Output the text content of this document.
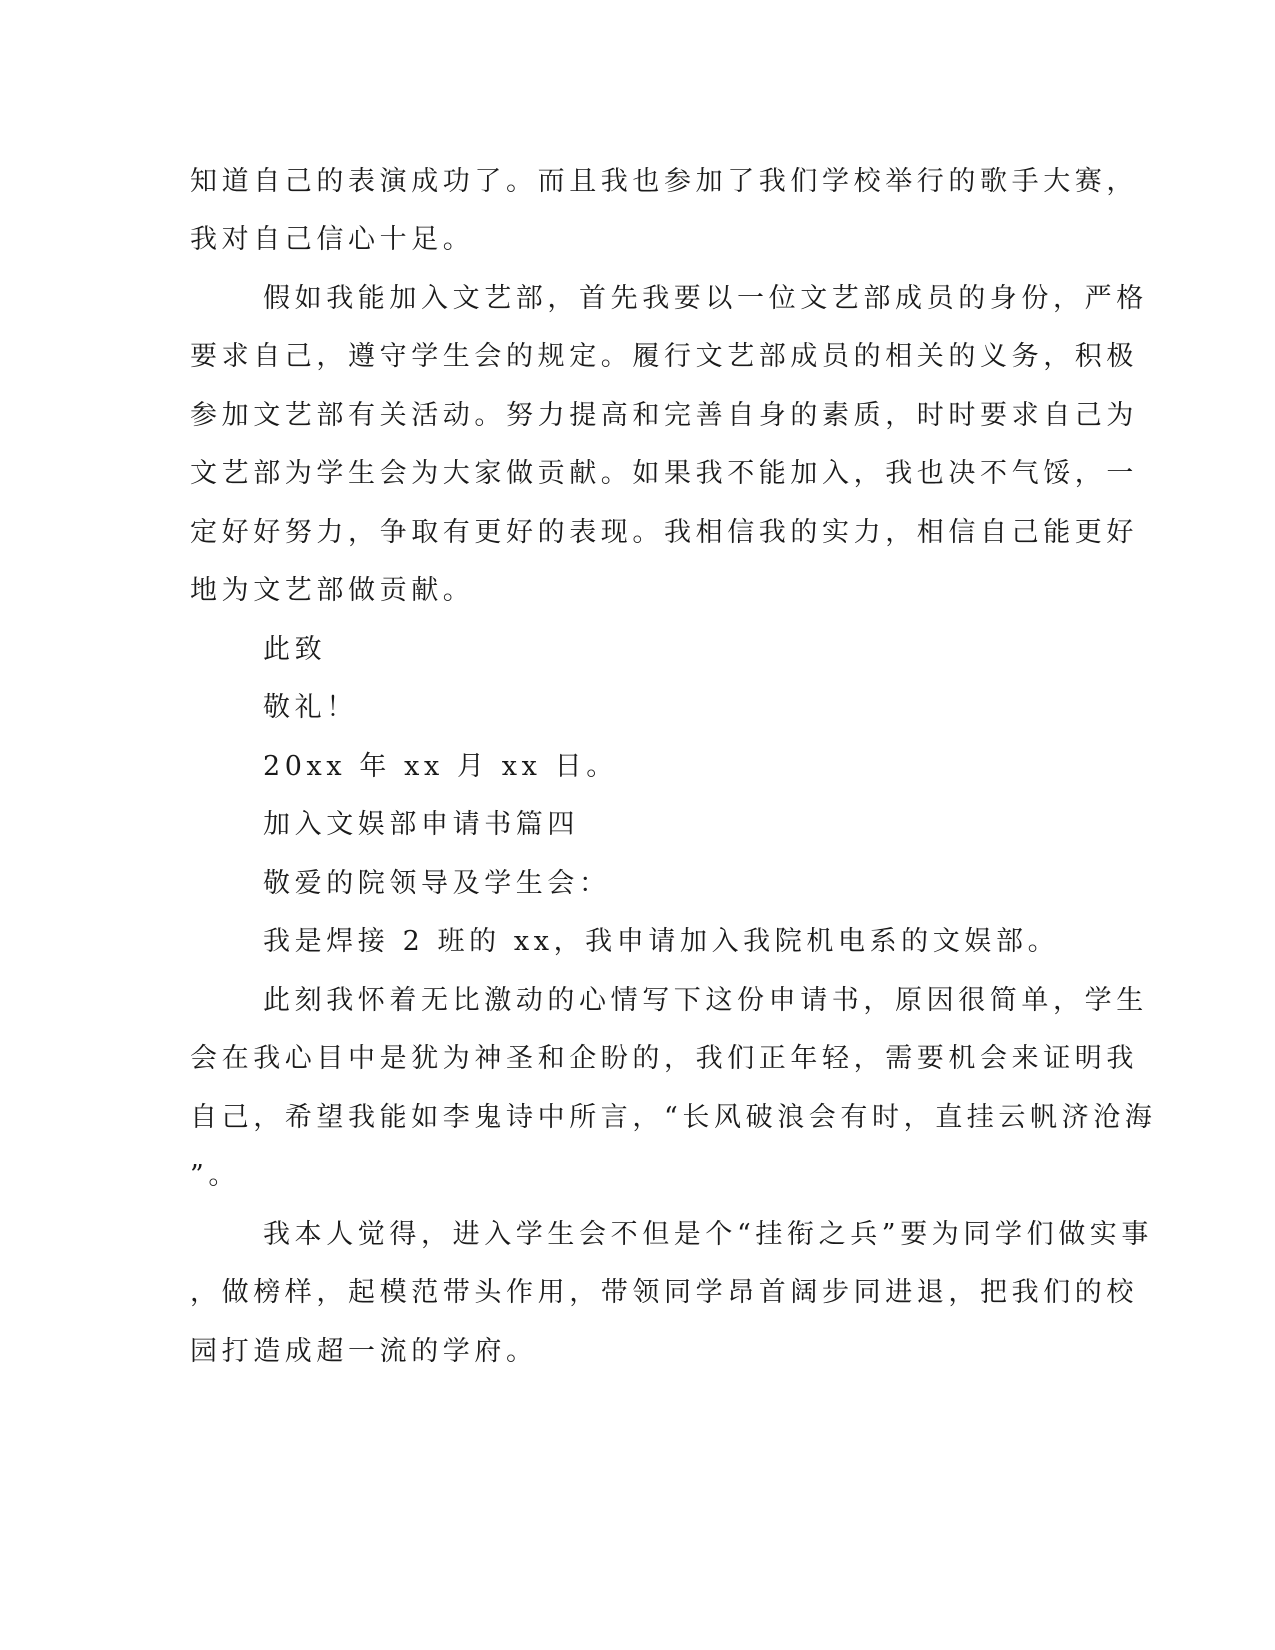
知道自己的表演成功了。而且我也参加了我们学校举行的歌手大赛，
我对自己信心十足。
假如我能加入文艺部，首先我要以一位文艺部成员的身份，严格
要求自己，遵守学生会的规定。履行文艺部成员的相关的义务，积极
参加文艺部有关活动。努力提高和完善自身的素质，时时要求自己为
文艺部为学生会为大家做贡献。如果我不能加入，我也决不气馁，一
定好好努力，争取有更好的表现。我相信我的实力，相信自己能更好
地为文艺部做贡献。
此致
敬礼！
20xx 年 xx 月 xx 日。
加入文娱部申请书篇四
敬爱的院领导及学生会：
我是焊接 2 班的 xx，我申请加入我院机电系的文娱部。
此刻我怀着无比激动的心情写下这份申请书，原因很简单，学生
会在我心目中是犹为神圣和企盼的，我们正年轻，需要机会来证明我
自己，希望我能如李鬼诗中所言，“长风破浪会有时，直挂云帆济沧海
”。
我本人觉得，进入学生会不但是个“挂衔之兵”要为同学们做实事
，做榜样，起模范带头作用，带领同学昂首阔步同进退，把我们的校
园打造成超一流的学府。
